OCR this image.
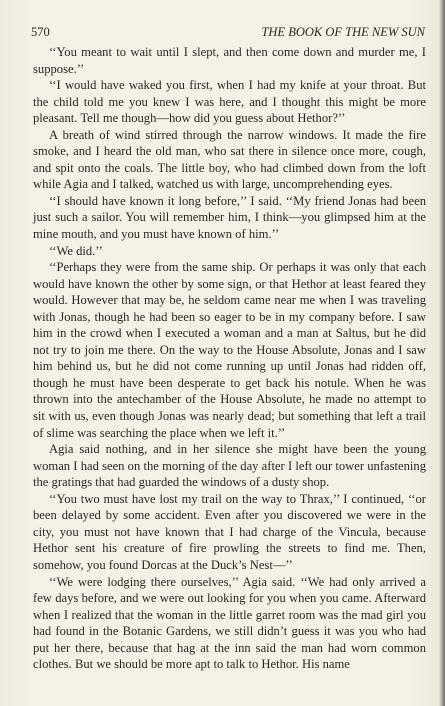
570	THE BOOK OF THE NEW SUN

‘‘You meant to wait until I slept, and then come down and murder me, I suppose.’’

‘‘I would have waked you first, when I had my knife at your throat. But the child told me you knew I was here, and I thought this might be more pleasant. Tell me though—how did you guess about Hethor?’’

A breath of wind stirred through the narrow windows. It made the fire smoke, and I heard the old man, who sat there in silence once more, cough, and spit onto the coals. The little boy, who had climbed down from the loft while Agia and I talked, watched us with large, uncomprehending eyes.

‘‘I should have known it long before,’’ I said. ‘‘My friend Jonas had been just such a sailor. You will remember him, I think—you glimpsed him at the mine mouth, and you must have known of him.’’

‘‘We did.’’

‘‘Perhaps they were from the same ship. Or perhaps it was only that each would have known the other by some sign, or that Hethor at least feared they would. However that may be, he seldom came near me when I was traveling with Jonas, though he had been so eager to be in my company before. I saw him in the crowd when I executed a woman and a man at Saltus, but he did not try to join me there. On the way to the House Absolute, Jonas and I saw him behind us, but he did not come running up until Jonas had ridden off, though he must have been desperate to get back his notule. When he was thrown into the antechamber of the House Absolute, he made no attempt to sit with us, even though Jonas was nearly dead; but something that left a trail of slime was searching the place when we left it.’’

Agia said nothing, and in her silence she might have been the young woman I had seen on the morning of the day after I left our tower unfastening the gratings that had guarded the windows of a dusty shop.

‘‘You two must have lost my trail on the way to Thrax,’’ I continued, ‘‘or been delayed by some accident. Even after you discovered we were in the city, you must not have known that I had charge of the Vincula, because Hethor sent his creature of fire prowling the streets to find me. Then, somehow, you found Dorcas at the Duck’s Nest—’’

‘‘We were lodging there ourselves,’’ Agia said. ‘‘We had only arrived a few days before, and we were out looking for you when you came. Afterward when I realized that the woman in the little garret room was the mad girl you had found in the Botanic Gardens, we still didn’t guess it was you who had put her there, because that hag at the inn said the man had worn common clothes. But we should be more apt to talk to Hethor. His name
